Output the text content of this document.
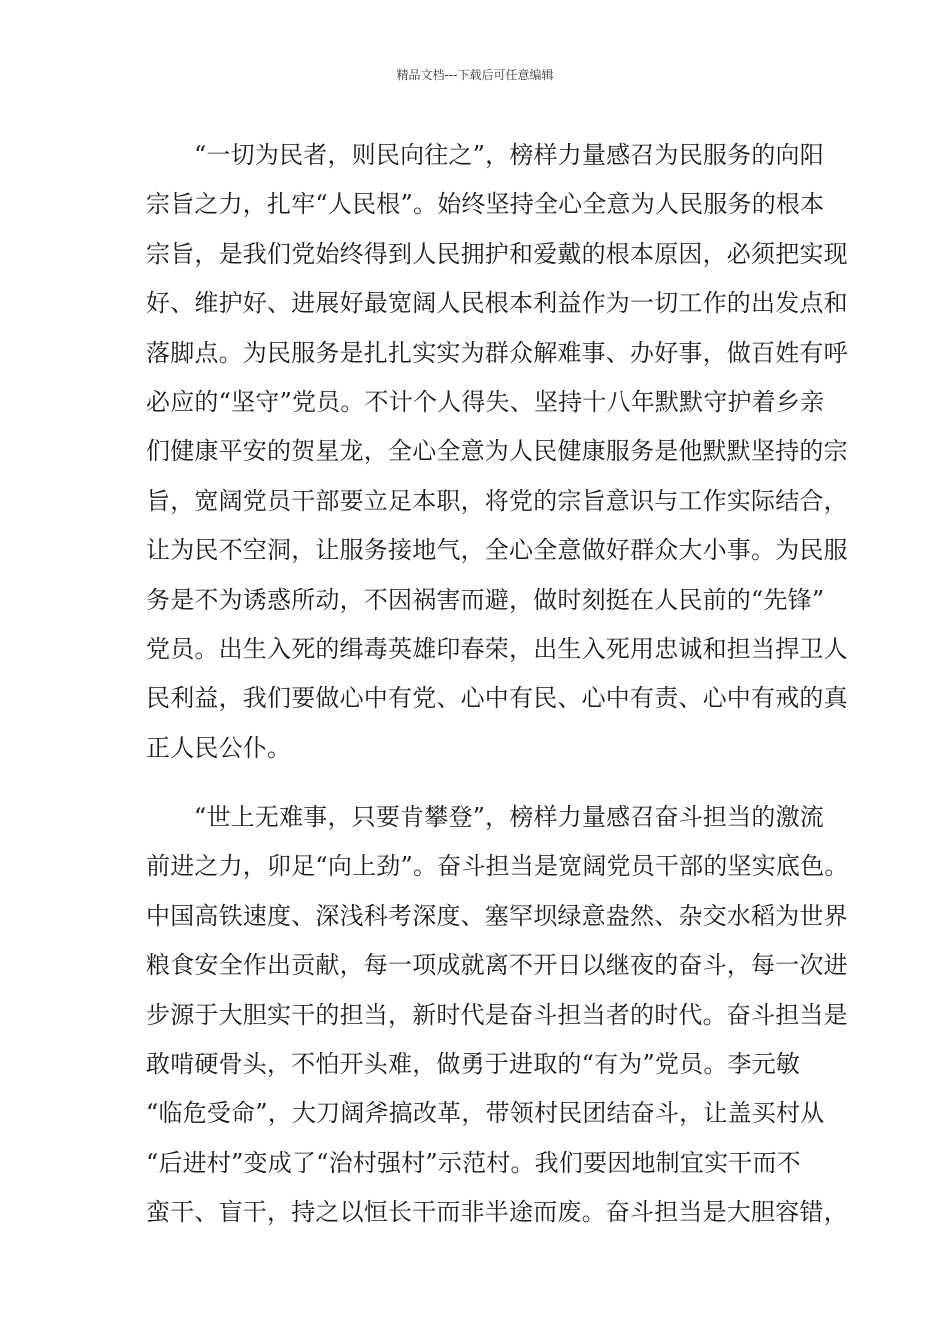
精品文档---下载后可任意编辑
“一切为民者，则民向往之”，榜样力量感召为民服务的向阳
宗旨之力，扎牢“人民根”。始终坚持全心全意为人民服务的根本
宗旨，是我们党始终得到人民拥护和爱戴的根本原因，必须把实现
好、维护好、进展好最宽阔人民根本利益作为一切工作的出发点和
落脚点。为民服务是扎扎实实为群众解难事、办好事，做百姓有呼
必应的“坚守”党员。不计个人得失、坚持十八年默默守护着乡亲
们健康平安的贺星龙，全心全意为人民健康服务是他默默坚持的宗
旨，宽阔党员干部要立足本职，将党的宗旨意识与工作实际结合，
让为民不空洞，让服务接地气，全心全意做好群众大小事。为民服
务是不为诱惑所动，不因祸害而避，做时刻挺在人民前的“先锋”
党员。出生入死的缉毒英雄印春荣，出生入死用忠诚和担当捍卫人
民利益，我们要做心中有党、心中有民、心中有责、心中有戒的真
正人民公仆。
“世上无难事，只要肯攀登”，榜样力量感召奋斗担当的激流
前进之力，卯足“向上劲”。奋斗担当是宽阔党员干部的坚实底色。
中国高铁速度、深浅科考深度、塞罕坝绿意盎然、杂交水稻为世界
粮食安全作出贡献，每一项成就离不开日以继夜的奋斗，每一次进
步源于大胆实干的担当，新时代是奋斗担当者的时代。奋斗担当是
敢啃硬骨头，不怕开头难，做勇于进取的“有为”党员。李元敏
“临危受命”，大刀阔斧搞改革，带领村民团结奋斗，让盖买村从
“后进村”变成了“治村强村”示范村。我们要因地制宜实干而不
蛮干、盲干，持之以恒长干而非半途而废。奋斗担当是大胆容错，
